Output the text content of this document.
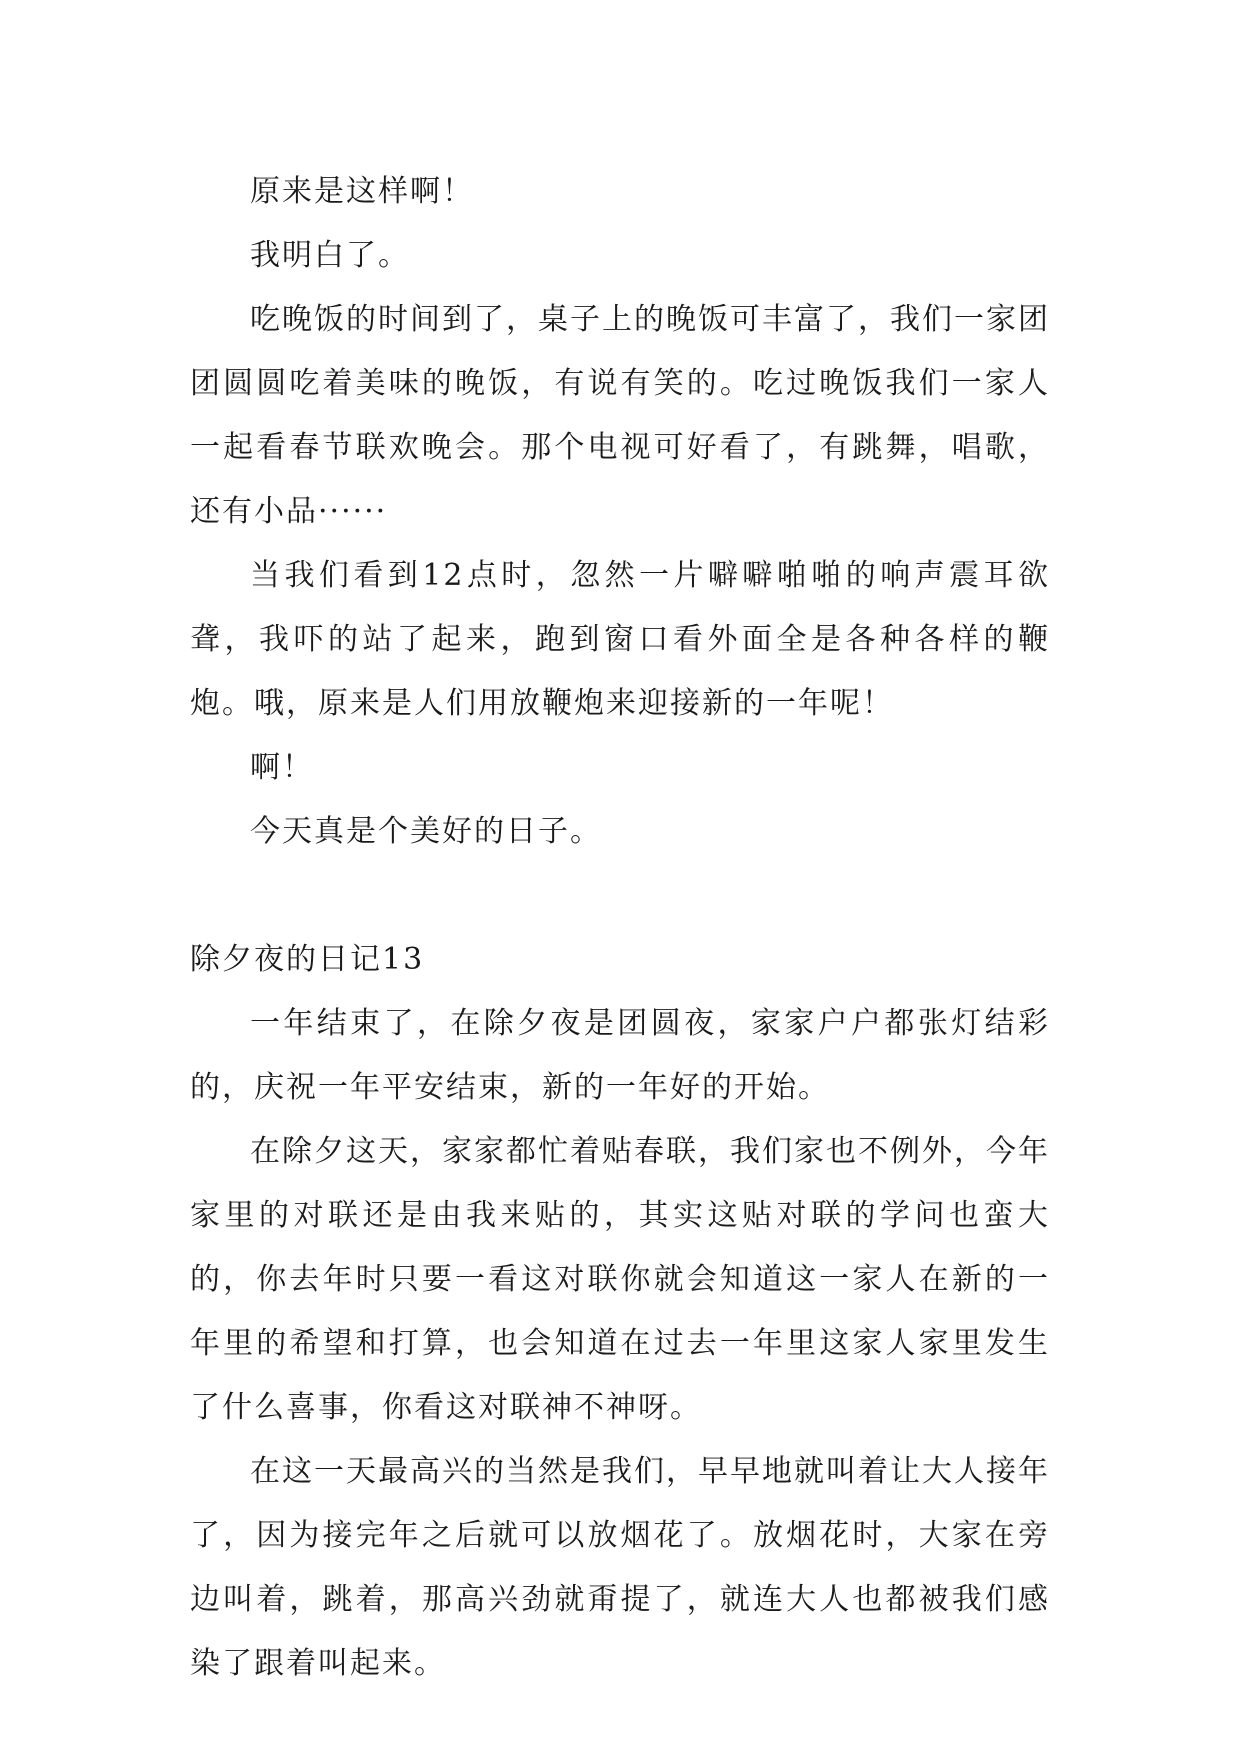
原来是这样啊！

我明白了。

吃晚饭的时间到了，桌子上的晚饭可丰富了，我们一家团团圆圆吃着美味的晚饭，有说有笑的。吃过晚饭我们一家人一起看春节联欢晚会。那个电视可好看了，有跳舞，唱歌，还有小品······

当我们看到12点时，忽然一片噼噼啪啪的响声震耳欲聋，我吓的站了起来，跑到窗口看外面全是各种各样的鞭炮。哦，原来是人们用放鞭炮来迎接新的一年呢！

啊！

今天真是个美好的日子。

除夕夜的日记13

一年结束了，在除夕夜是团圆夜，家家户户都张灯结彩的，庆祝一年平安结束，新的一年好的开始。

在除夕这天，家家都忙着贴春联，我们家也不例外，今年家里的对联还是由我来贴的，其实这贴对联的学问也蛮大的，你去年时只要一看这对联你就会知道这一家人在新的一年里的希望和打算，也会知道在过去一年里这家人家里发生了什么喜事，你看这对联神不神呀。

在这一天最高兴的当然是我们，早早地就叫着让大人接年了，因为接完年之后就可以放烟花了。放烟花时，大家在旁边叫着，跳着，那高兴劲就甭提了，就连大人也都被我们感染了跟着叫起来。
